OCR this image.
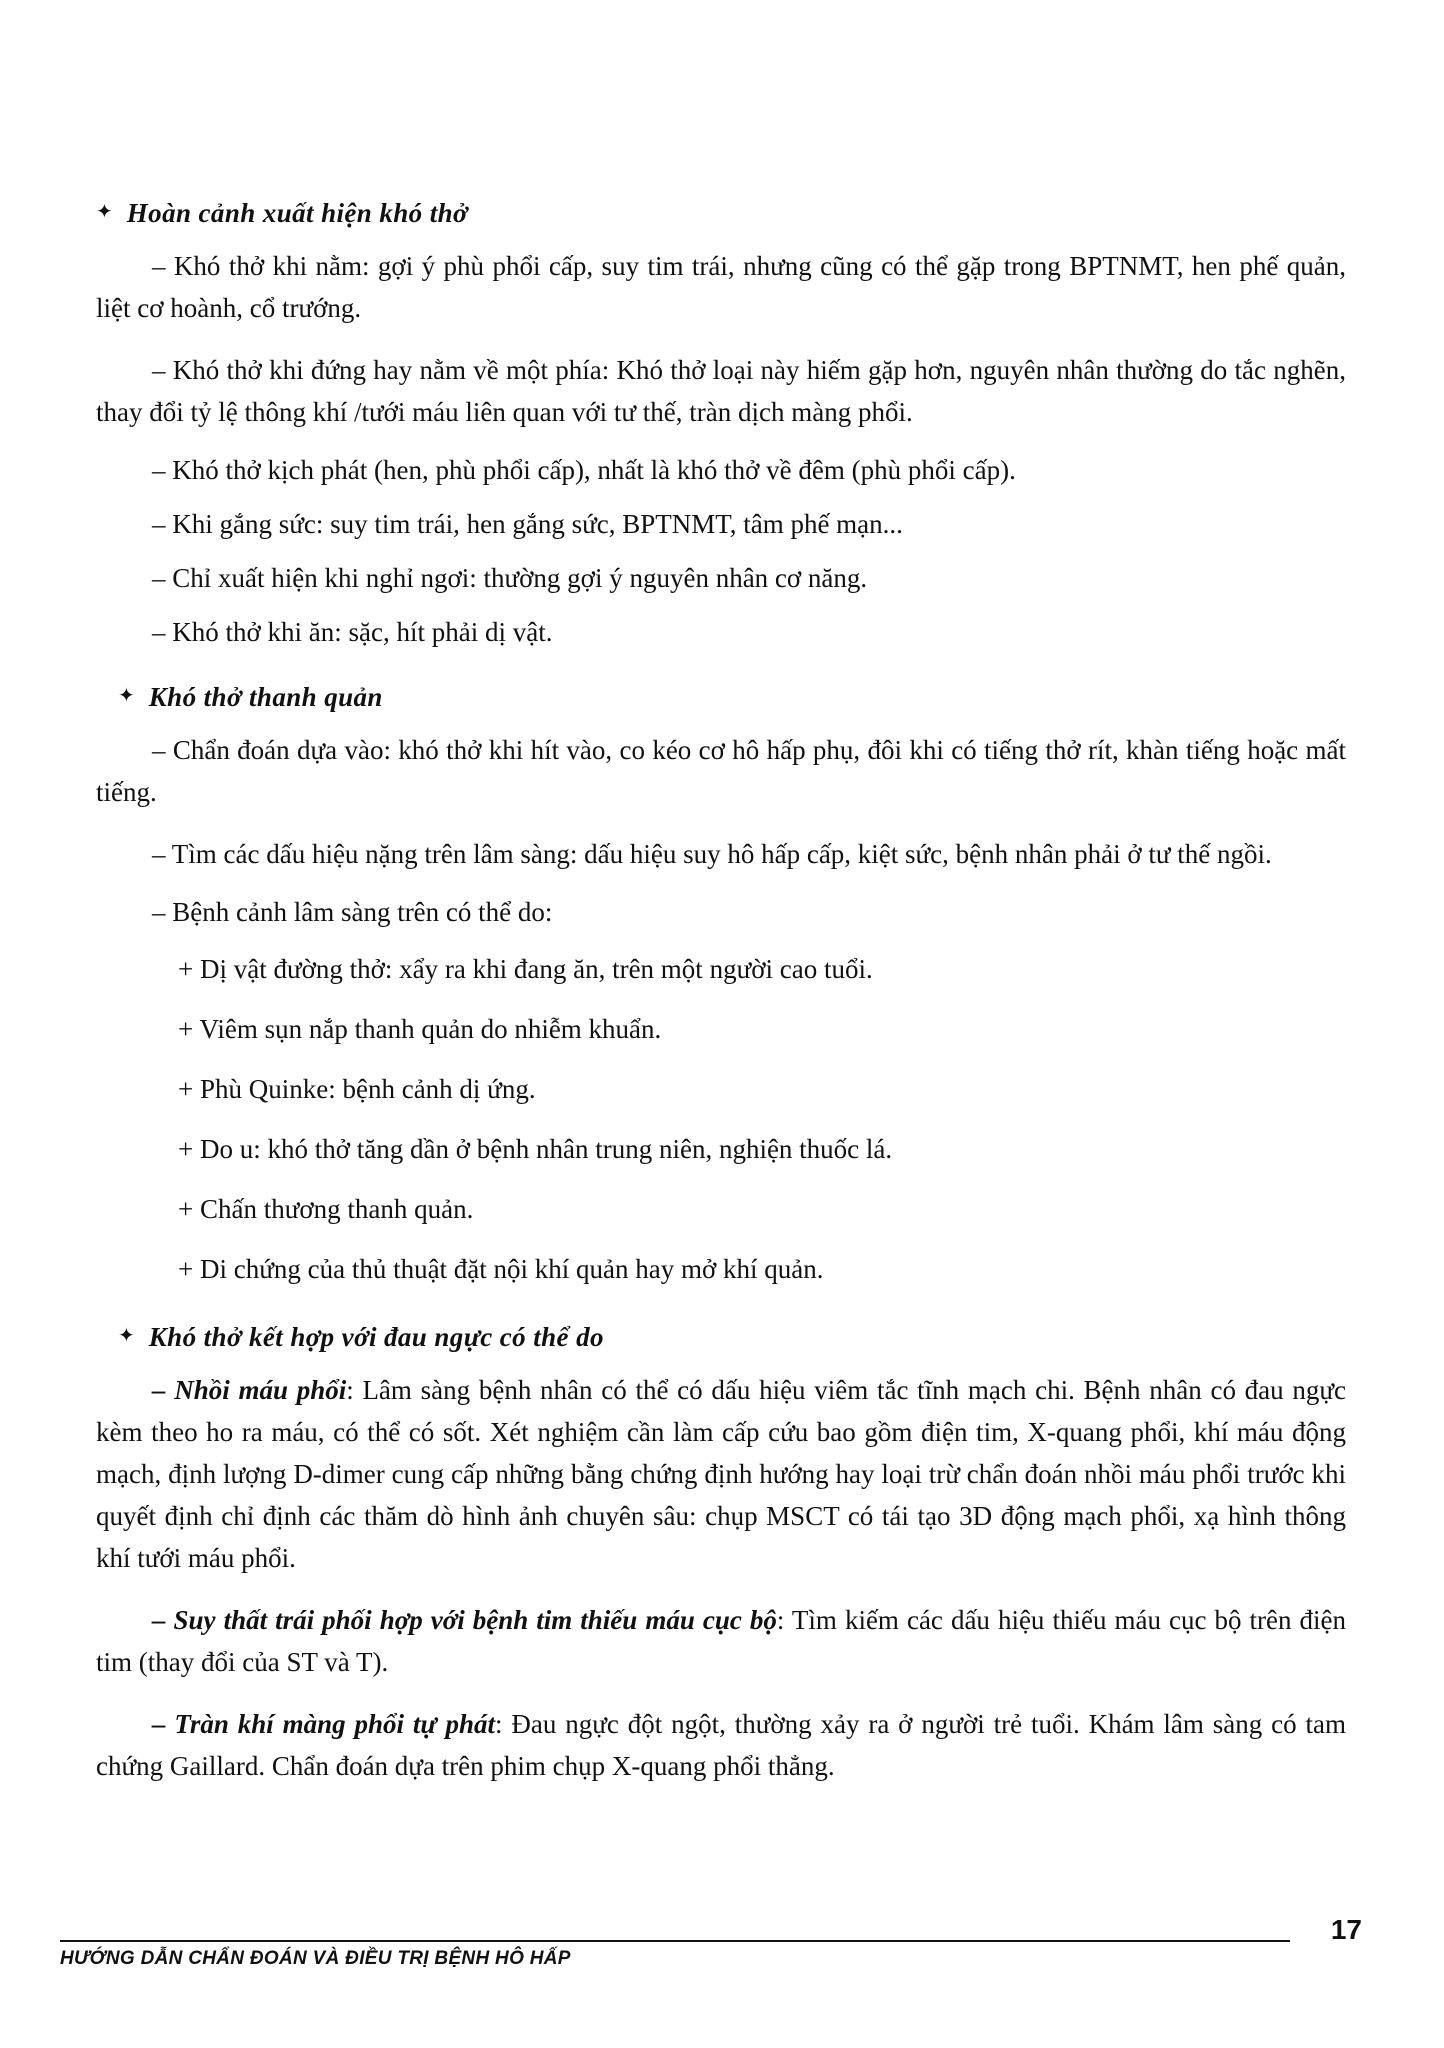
✦ Hoàn cảnh xuất hiện khó thở

– Khó thở khi nằm: gợi ý phù phổi cấp, suy tim trái, nhưng cũng có thể gặp trong BPTNMT, hen phế quản, liệt cơ hoành, cổ trướng.

– Khó thở khi đứng hay nằm về một phía: Khó thở loại này hiếm gặp hơn, nguyên nhân thường do tắc nghẽn, thay đổi tỷ lệ thông khí /tưới máu liên quan với tư thế, tràn dịch màng phổi.

– Khó thở kịch phát (hen, phù phổi cấp), nhất là khó thở về đêm (phù phổi cấp).

– Khi gắng sức: suy tim trái, hen gắng sức, BPTNMT, tâm phế mạn...

– Chỉ xuất hiện khi nghỉ ngơi: thường gợi ý nguyên nhân cơ năng.

– Khó thở khi ăn: sặc, hít phải dị vật.

✦ Khó thở thanh quản

– Chẩn đoán dựa vào: khó thở khi hít vào, co kéo cơ hô hấp phụ, đôi khi có tiếng thở rít, khàn tiếng hoặc mất tiếng.

– Tìm các dấu hiệu nặng trên lâm sàng: dấu hiệu suy hô hấp cấp, kiệt sức, bệnh nhân phải ở tư thế ngồi.

– Bệnh cảnh lâm sàng trên có thể do:

+ Dị vật đường thở: xẩy ra khi đang ăn, trên một người cao tuổi.

+ Viêm sụn nắp thanh quản do nhiễm khuẩn.

+ Phù Quinke: bệnh cảnh dị ứng.

+ Do u: khó thở tăng dần ở bệnh nhân trung niên, nghiện thuốc lá.

+ Chấn thương thanh quản.

+ Di chứng của thủ thuật đặt nội khí quản hay mở khí quản.

✦ Khó thở kết hợp với đau ngực có thể do

– Nhồi máu phổi: Lâm sàng bệnh nhân có thể có dấu hiệu viêm tắc tĩnh mạch chi. Bệnh nhân có đau ngực kèm theo ho ra máu, có thể có sốt. Xét nghiệm cần làm cấp cứu bao gồm điện tim, X-quang phổi, khí máu động mạch, định lượng D-dimer cung cấp những bằng chứng định hướng hay loại trừ chẩn đoán nhồi máu phổi trước khi quyết định chỉ định các thăm dò hình ảnh chuyên sâu: chụp MSCT có tái tạo 3D động mạch phổi, xạ hình thông khí tưới máu phổi.

– Suy thất trái phối hợp với bệnh tim thiếu máu cục bộ: Tìm kiếm các dấu hiệu thiếu máu cục bộ trên điện tim (thay đổi của ST và T).

– Tràn khí màng phổi tự phát: Đau ngực đột ngột, thường xảy ra ở người trẻ tuổi. Khám lâm sàng có tam chứng Gaillard. Chẩn đoán dựa trên phim chụp X-quang phổi thẳng.

HƯỚNG DẪN CHẨN ĐOÁN VÀ ĐIỀU TRỊ BỆNH HÔ HẤP
17
